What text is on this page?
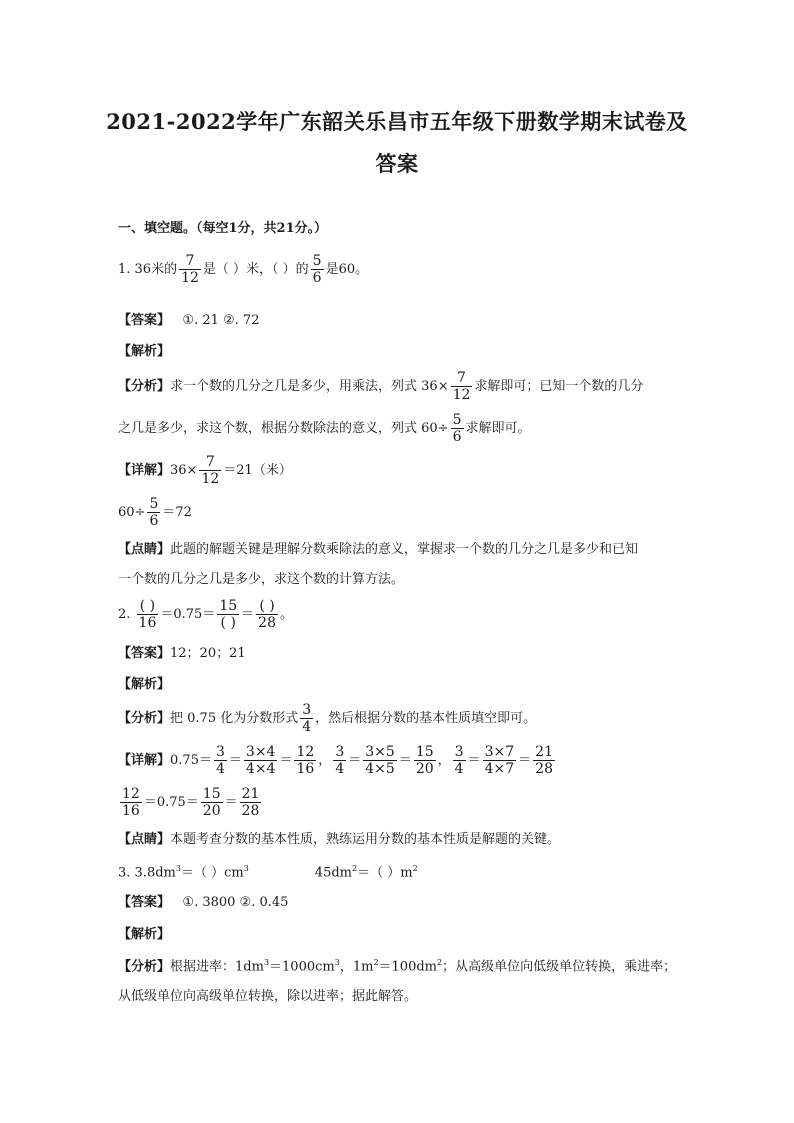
2021-2022学年广东韶关乐昌市五年级下册数学期末试卷及
答案
一、填空题。（每空1分，共21分。）
1. 36米的 $\frac{7}{12}$ 是（ ）米，（ ）的 $\frac{5}{6}$ 是60。
【答案】 ①. 21 ②. 72
【解析】
【分析】求一个数的几分之几是多少，用乘法，列式 $36\times \frac{7}{12}$ 求解即可；已知一个数的几分
之几是多少，求这个数，根据分数除法的意义，列式 $60\div \frac{5}{6}$ 求解即可。
【详解】$36\times \frac{7}{12} =21$（米）
$60\div \frac{5}{6} =72$
【点睛】此题的解题关键是理解分数乘除法的意义，掌握求一个数的几分之几是多少和已知
一个数的几分之几是多少，求这个数的计算方法。
2. $\frac{( )}{16} =0.75= \frac{15}{( )} = \frac{( )}{28}$ 。
【答案】12；20；21
【解析】
【分析】把 0.75 化为分数形式 $\frac{3}{4}$ ，然后根据分数的基本性质填空即可。
【详解】$0.75= \frac{3}{4} = \frac{3\times 4}{4\times 4} = \frac{12}{16}$ ， $\frac{3}{4} = \frac{3\times 5}{4\times 5} = \frac{15}{20}$ ， $\frac{3}{4} = \frac{3\times 7}{4\times 7} = \frac{21}{28}$
$\frac{12}{16} =0.75= \frac{15}{20} = \frac{21}{28}$
【点睛】本题考查分数的基本性质，熟练运用分数的基本性质是解题的关键。
3. $3.8dm^3=$（ ）$cm^3$	$45dm^2=$（ ）$m^2$
【答案】 ①. 3800 ②. 0.45
【解析】
【分析】根据进率：$1dm^3=1000cm^3$，$1m^2=100dm^2$；从高级单位向低级单位转换，乘进率；
从低级单位向高级单位转换，除以进率；据此解答。
